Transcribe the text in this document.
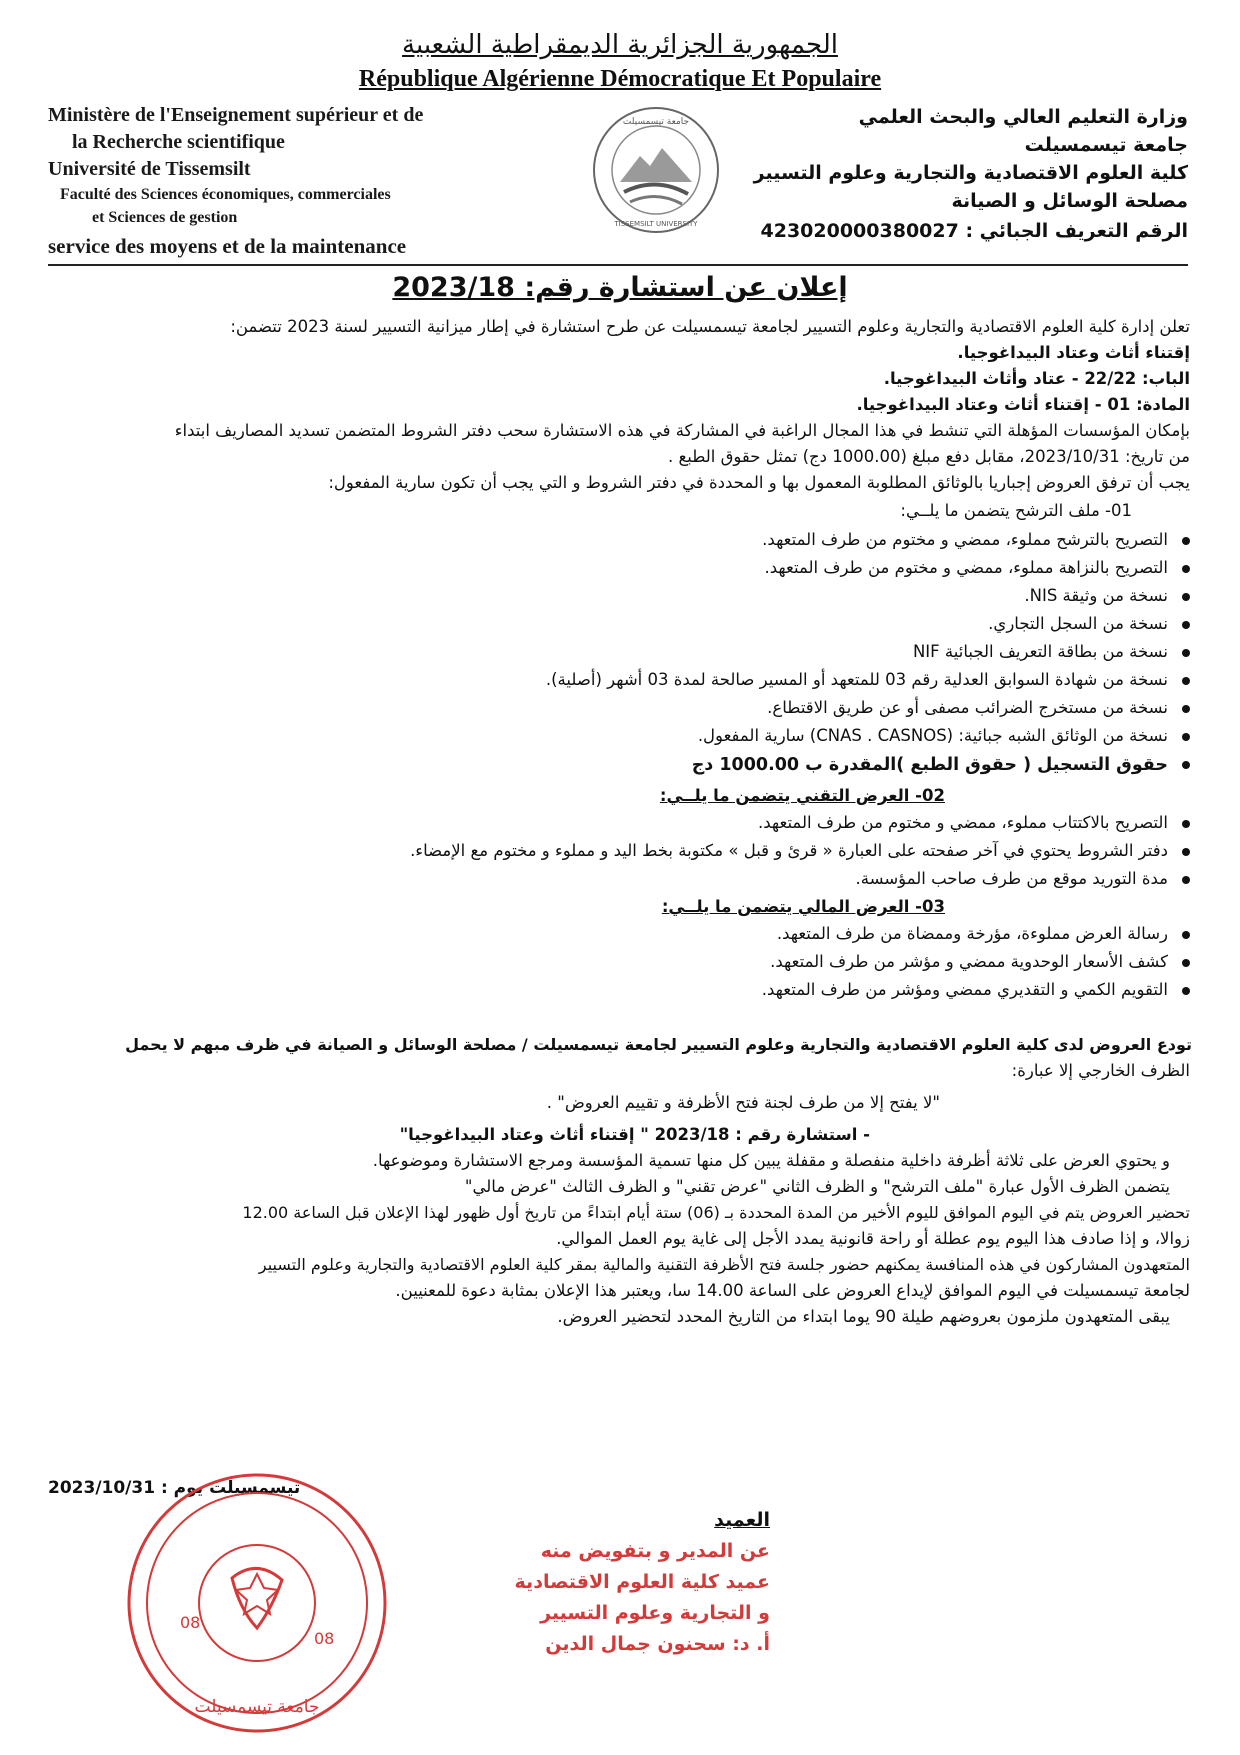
الجمهورية الجزائرية الديمقراطية الشعبية
République Algérienne Démocratique Et Populaire
Ministère de l'Enseignement supérieur et de
la Recherche scientifique
Université de Tissemsilt
Faculté des Sciences économiques, commerciales
et Sciences de gestion
service des moyens et de la maintenance
جامعة تيسمسيلت
TISSEMSILT UNIVERSITY
وزارة التعليم العالي والبحث العلمي
جامعة تيسمسيلت
كلية العلوم الاقتصادية والتجارية وعلوم التسيير
مصلحة الوسائل و الصيانة
الرقم التعريف الجبائي : 423020000380027
إعلان عن استشارة رقم: 2023/18
تعلن إدارة كلية العلوم الاقتصادية والتجارية وعلوم التسيير لجامعة تيسمسيلت عن طرح استشارة في إطار ميزانية التسيير لسنة 2023 تتضمن:
إقتناء أثاث وعتاد البيداغوجيا.
الباب: 22/22 - عتاد وأثاث البيداغوجيا.
المادة: 01 - إقتناء أثاث وعتاد البيداغوجيا.
بإمكان المؤسسات المؤهلة التي تنشط في هذا المجال الراغبة في المشاركة في هذه الاستشارة سحب دفتر الشروط المتضمن تسديد المصاريف ابتداء
من تاريخ: 2023/10/31، مقابل دفع مبلغ (1000.00 دج) تمثل حقوق الطبع .
يجب أن ترفق العروض إجباريا بالوثائق المطلوبة المعمول بها و المحددة في دفتر الشروط و التي يجب أن تكون سارية المفعول:
01- ملف الترشح يتضمن ما يلــي:
التصريح بالترشح مملوء، ممضي و مختوم من طرف المتعهد.
التصريح بالنزاهة مملوء، ممضي و مختوم من طرف المتعهد.
نسخة من وثيقة NIS.
نسخة من السجل التجاري.
نسخة من بطاقة التعريف الجبائية NIF
نسخة من شهادة السوابق العدلية رقم 03 للمتعهد أو المسير صالحة لمدة 03 أشهر (أصلية).
نسخة من مستخرج الضرائب مصفى أو عن طريق الاقتطاع.
نسخة من الوثائق الشبه جبائية: (CNAS . CASNOS) سارية المفعول.
حقوق التسجيل ( حقوق الطبع )المقدرة ب 1000.00 دج
02- العرض التقني يتضمن ما يلــي:
التصريح بالاكتتاب مملوء، ممضي و مختوم من طرف المتعهد.
دفتر الشروط يحتوي في آخر صفحته على العبارة « قرئ و قبل » مكتوبة بخط اليد و مملوء و مختوم مع الإمضاء.
مدة التوريد موقع من طرف صاحب المؤسسة.
03- العرض المالي يتضمن ما يلــي:
رسالة العرض مملوءة، مؤرخة وممضاة من طرف المتعهد.
كشف الأسعار الوحدوية ممضي و مؤشر من طرف المتعهد.
التقويم الكمي و التقديري ممضي ومؤشر من طرف المتعهد.
تودع العروض لدى كلية العلوم الاقتصادية والتجارية وعلوم التسيير لجامعة تيسمسيلت / مصلحة الوسائل و الصيانة في ظرف مبهم لا يحمل
الظرف الخارجي إلا عبارة:
"لا يفتح إلا من طرف لجنة فتح الأظرفة و تقييم العروض" .
- استشارة رقم : 2023/18 " إقتناء أثاث وعتاد البيداغوجيا"
و يحتوي العرض على ثلاثة أظرفة داخلية منفصلة و مقفلة يبين كل منها تسمية المؤسسة ومرجع الاستشارة وموضوعها.
يتضمن الظرف الأول عبارة "ملف الترشح" و الظرف الثاني "عرض تقني" و الظرف الثالث "عرض مالي"
تحضير العروض يتم في اليوم الموافق لليوم الأخير من المدة المحددة بـ (06) ستة أيام ابتداءً من تاريخ أول ظهور لهذا الإعلان قبل الساعة 12.00
زوالا، و إذا صادف هذا اليوم يوم عطلة أو راحة قانونية يمدد الأجل إلى غاية يوم العمل الموالي.
المتعهدون المشاركون في هذه المنافسة يمكنهم حضور جلسة فتح الأظرفة التقنية والمالية بمقر كلية العلوم الاقتصادية والتجارية وعلوم التسيير
لجامعة تيسمسيلت في اليوم الموافق لإيداع العروض على الساعة 14.00 سا، ويعتبر هذا الإعلان بمثابة دعوة للمعنيين.
يبقى المتعهدون ملزمون بعروضهم طيلة 90 يوما ابتداء من التاريخ المحدد لتحضير العروض.
تيسمسيلت يوم : 2023/10/31
08
08
جامعة تيسمسيلت
العميد
عن المدير و بتفويض منه
عميد كلية العلوم الاقتصادية
و التجارية وعلوم التسيير
أ. د: سحنون جمال الدين
